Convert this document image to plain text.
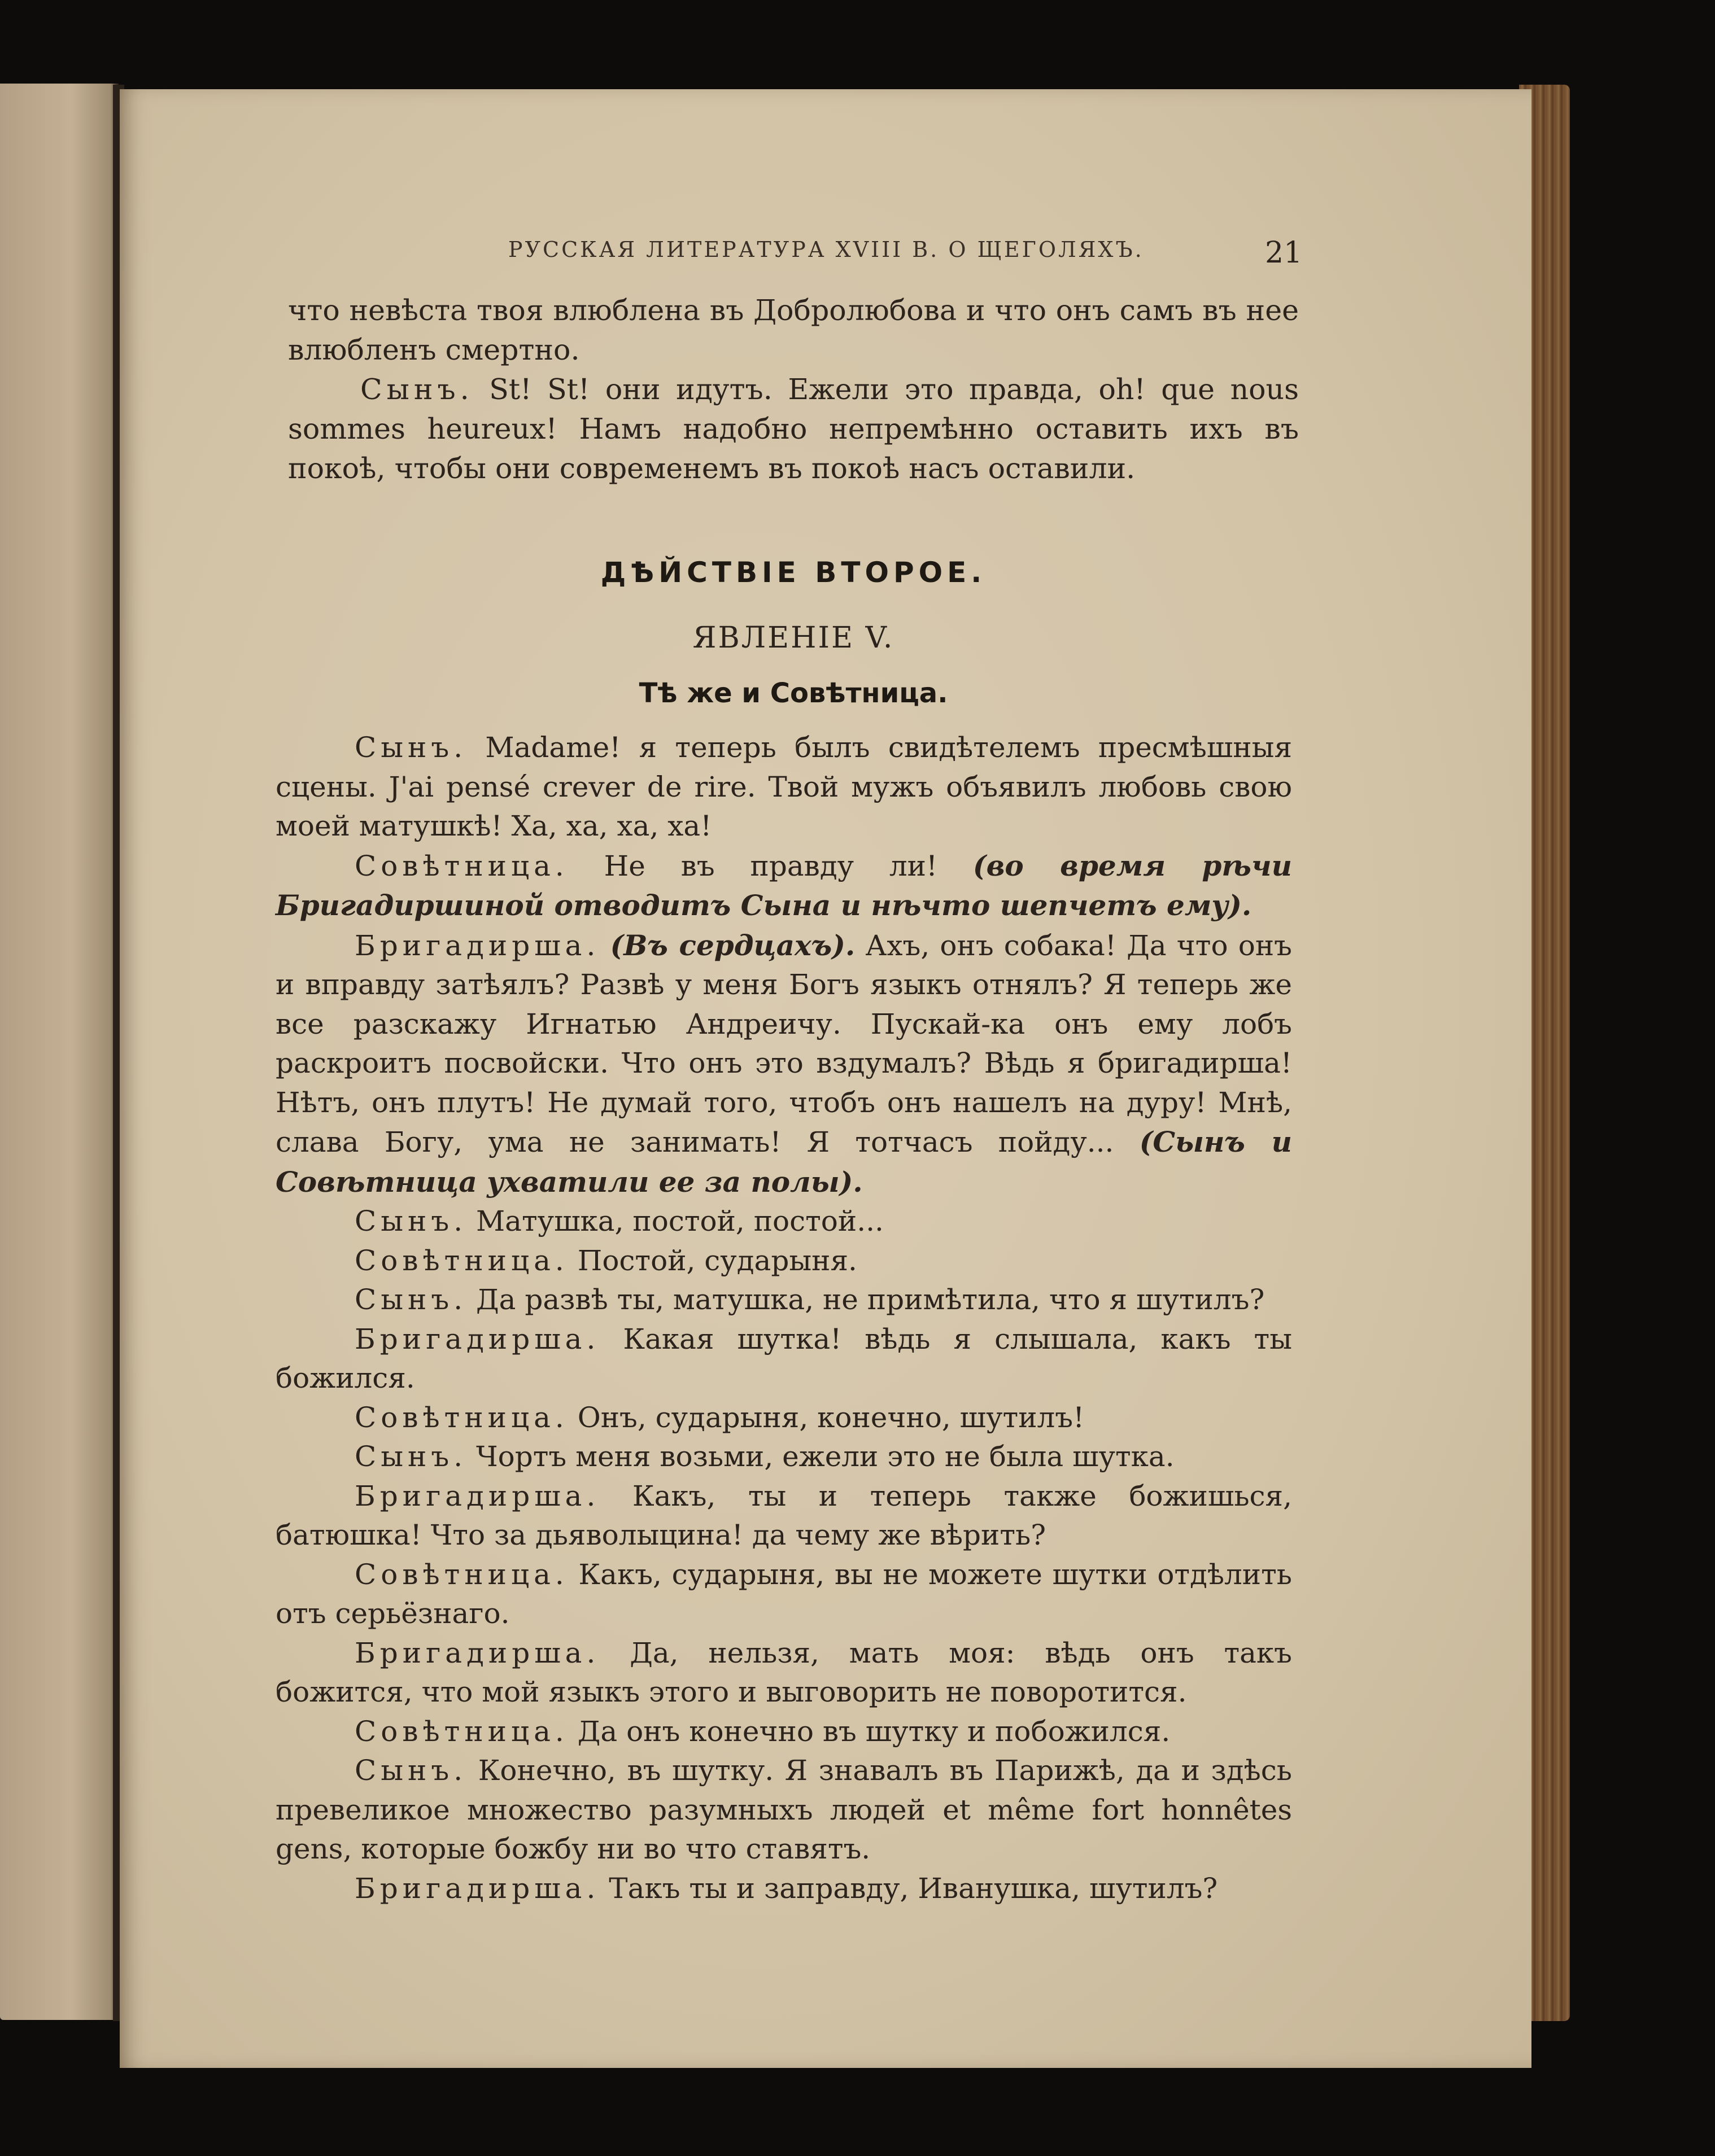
РУССКАЯ ЛИТЕРАТУРА XVIII В. О ЩЕГОЛЯХЪ.	21

что невѣста твоя влюблена въ Добролюбова и что онъ самъ въ нее влюбленъ смертно.

Сынъ. St! St! они идутъ. Ежели это правда, oh! que nous sommes heureux! Намъ надобно непремѣнно оставить ихъ въ покоѣ, чтобы они современемъ въ покоѣ насъ оставили.

ДѢЙСТВІЕ ВТОРОЕ.
ЯВЛЕНІЕ V.
Тѣ же и Совѣтница.

Сынъ. Madame! я теперь былъ свидѣтелемъ пресмѣшныя сцены. J'ai pensé crever de rire. Твой мужъ объявилъ любовь свою моей матушкѣ! Ха, ха, ха, ха!

Совѣтница. Не въ правду ли! (во время рѣчи Бригадиршиной отводитъ Сына и нѣчто шепчетъ ему).

Бригадирша. (Въ сердцахъ). Ахъ, онъ собака! Да что онъ и вправду затѣялъ? Развѣ у меня Богъ языкъ отнялъ? Я теперь же все разскажу Игнатью Андреичу. Пускай-ка онъ ему лобъ раскроитъ посвойски. Что онъ это вздумалъ? Вѣдь я бригадирша! Нѣтъ, онъ плутъ! Не думай того, чтобъ онъ нашелъ на дуру! Мнѣ, слава Богу, ума не занимать! Я тотчасъ пойду... (Сынъ и Совѣтница ухватили ее за полы).

Сынъ. Матушка, постой, постой...

Совѣтница. Постой, сударыня.

Сынъ. Да развѣ ты, матушка, не примѣтила, что я шутилъ?

Бригадирша. Какая шутка! вѣдь я слышала, какъ ты божился.

Совѣтница. Онъ, сударыня, конечно, шутилъ!

Сынъ. Чортъ меня возьми, ежели это не была шутка.

Бригадирша. Какъ, ты и теперь также божишься, батюшка! Что за дьяволыцина! да чему же вѣрить?

Совѣтница. Какъ, сударыня, вы не можете шутки отдѣлить отъ серьёзнаго.

Бригадирша. Да, нельзя, мать моя: вѣдь онъ такъ божится, что мой языкъ этого и выговорить не поворотится.

Совѣтница. Да онъ конечно въ шутку и побожился.

Сынъ. Конечно, въ шутку. Я знавалъ въ Парижѣ, да и здѣсь превеликое множество разумныхъ людей et même fort honnêtes gens, которые божбу ни во что ставятъ.

Бригадирша. Такъ ты и заправду, Иванушка, шутилъ?
